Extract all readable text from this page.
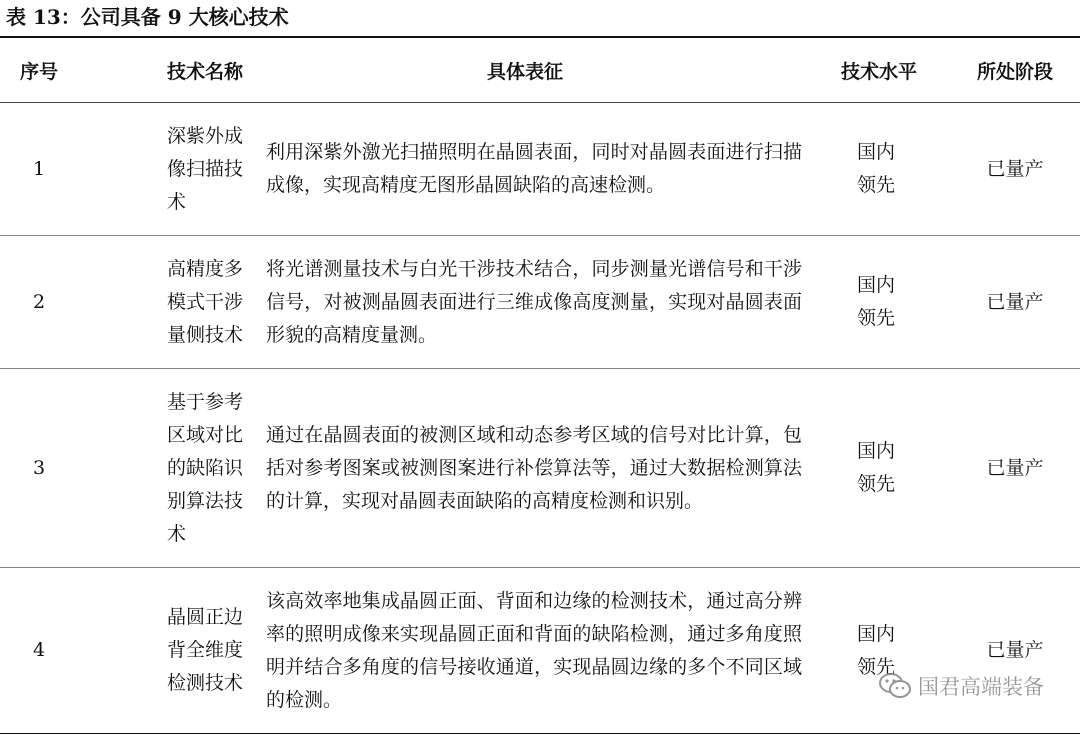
表 13：公司具备 9 大核心技术
序号	技术名称	具体表征	技术水平	所处阶段
1	深紫外成像扫描技术	利用深紫外激光扫描照明在晶圆表面，同时对晶圆表面进行扫描成像，实现高精度无图形晶圆缺陷的高速检测。	国内领先	已量产
2	高精度多模式干涉量侧技术	将光谱测量技术与白光干涉技术结合，同步测量光谱信号和干涉信号，对被测晶圆表面进行三维成像高度测量，实现对晶圆表面形貌的高精度量测。	国内领先	已量产
3	基于参考区域对比的缺陷识别算法技术	通过在晶圆表面的被测区域和动态参考区域的信号对比计算，包括对参考图案或被测图案进行补偿算法等，通过大数据检测算法的计算，实现对晶圆表面缺陷的高精度检测和识别。	国内领先	已量产
4	晶圆正边背全维度检测技术	该高效率地集成晶圆正面、背面和边缘的检测技术，通过高分辨率的照明成像来实现晶圆正面和背面的缺陷检测，通过多角度照明并结合多角度的信号接收通道，实现晶圆边缘的多个不同区域的检测。	国内领先	已量产
国君高端装备
